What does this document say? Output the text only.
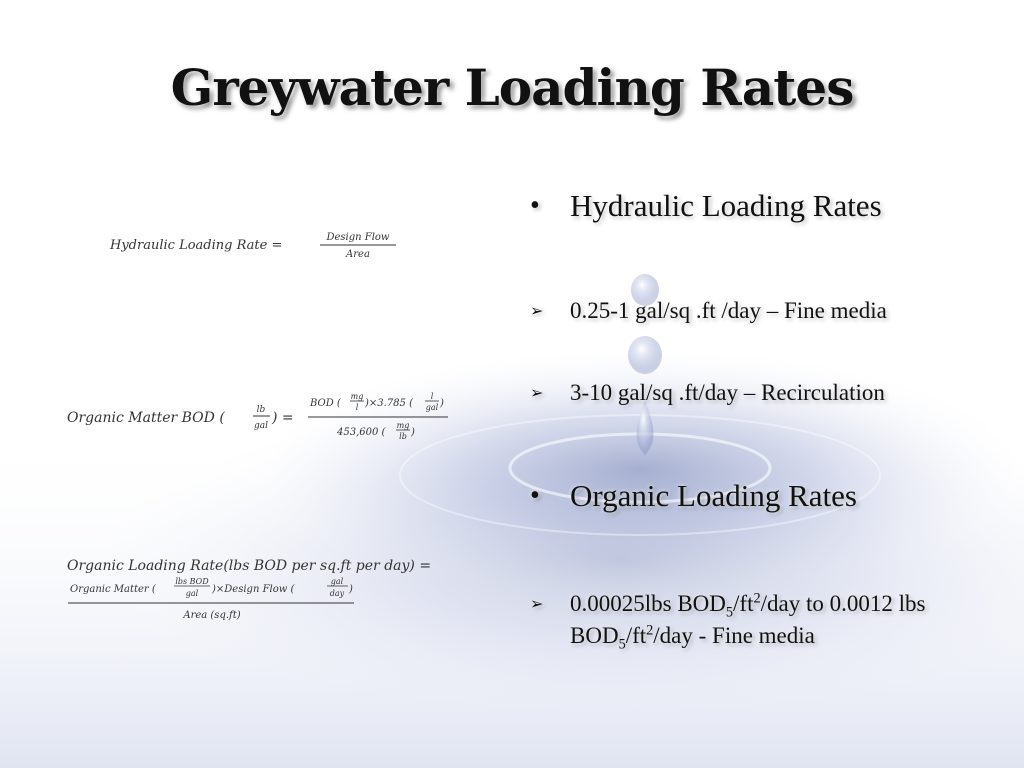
Greywater Loading Rates
Hydraulic Loading Rate =
Design Flow
Area
Organic Matter BOD (	lb
gal ) =
BOD (
mg
l )×3.785 (
l
gal )
453,600 (
mg
lb )
Organic Loading Rate(lbs BOD per sq.ft per day) =
Organic Matter (
lbs BOD
gal )×Design Flow (
gal
day )
Area (sq.ft)
• Hydraulic Loading Rates
➢ 0.25-1 gal/sq .ft /day – Fine media
➢ 3-10 gal/sq .ft/day – Recirculation
• Organic Loading Rates
➢ 0.00025lbs $BOD_5/ft^2$/day to 0.0012 lbs $BOD_5/ft^2$/day - Fine media
